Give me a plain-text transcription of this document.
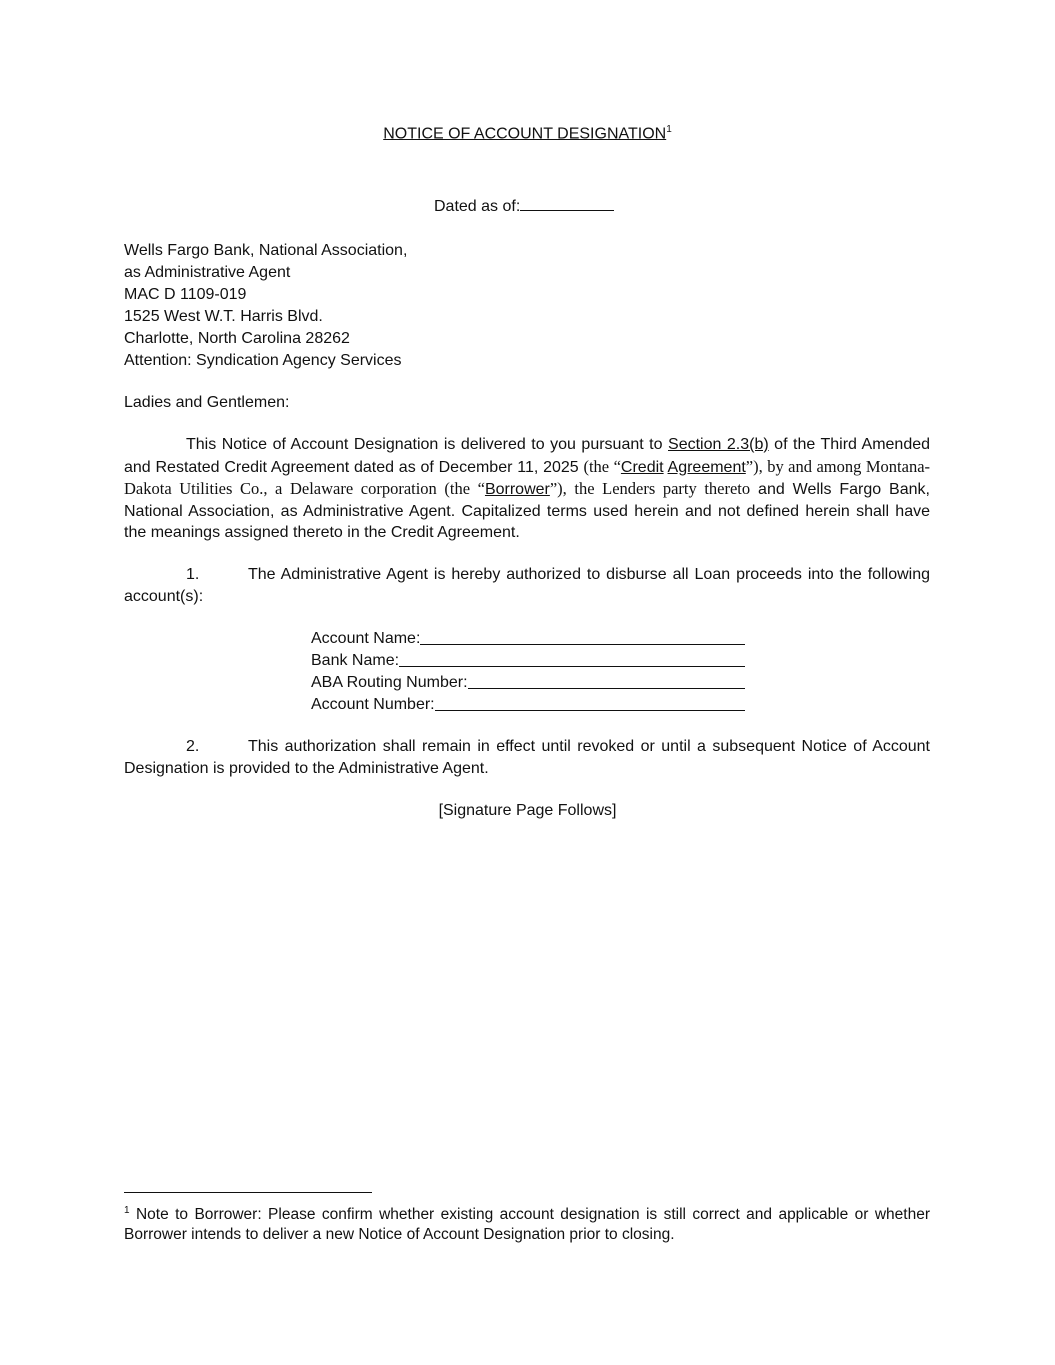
NOTICE OF ACCOUNT DESIGNATION$^1$
Dated as of:
Wells Fargo Bank, National Association,
as Administrative Agent
MAC D 1109-019
1525 West W.T. Harris Blvd.
Charlotte, North Carolina 28262
Attention: Syndication Agency Services
Ladies and Gentlemen:
This Notice of Account Designation is delivered to you pursuant to Section 2.3(b) of the Third Amended and Restated Credit Agreement dated as of December 11, 2025 (the “Credit Agreement”), by and among Montana-Dakota Utilities Co., a Delaware corporation (the “Borrower”), the Lenders party thereto and Wells Fargo Bank, National Association, as Administrative Agent. Capitalized terms used herein and not defined herein shall have the meanings assigned thereto in the Credit Agreement.
1.	The Administrative Agent is hereby authorized to disburse all Loan proceeds into the following account(s):
Account Name:
Bank Name:
ABA Routing Number:
Account Number:
2.	This authorization shall remain in effect until revoked or until a subsequent Notice of Account Designation is provided to the Administrative Agent.
[Signature Page Follows]
$^1$ Note to Borrower: Please confirm whether existing account designation is still correct and applicable or whether Borrower intends to deliver a new Notice of Account Designation prior to closing.
